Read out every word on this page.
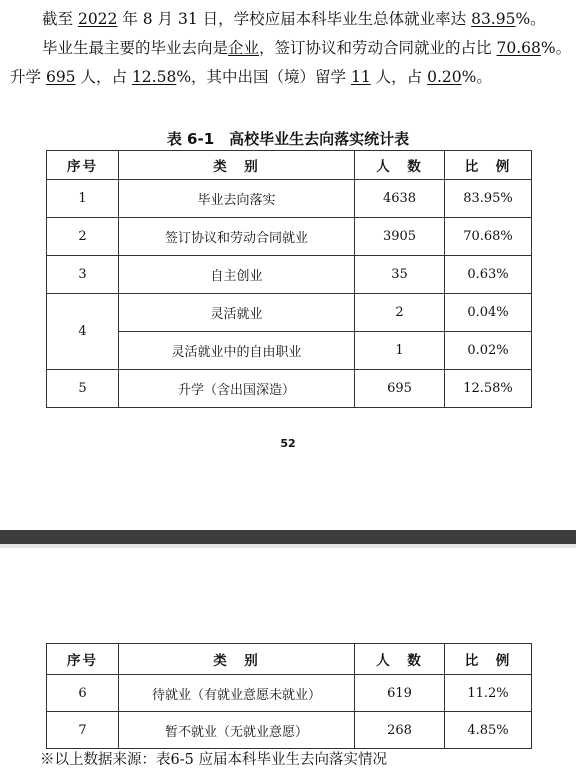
截至 2022 年 8 月 31 日，学校应届本科毕业生总体就业率达 83.95%。
毕业生最主要的毕业去向是企业，签订协议和劳动合同就业的占比 70.68%。
升学 695 人，占 12.58%，其中出国（境）留学 11 人，占 0.20%。
表 6-1　高校毕业生去向落实统计表
序号	类　别	人　数	比　例
1	毕业去向落实	4638	83.95%
2	签订协议和劳动合同就业	3905	70.68%
3	自主创业	35	0.63%
4	灵活就业	2	0.04%
	灵活就业中的自由职业	1	0.02%
5	升学（含出国深造）	695	12.58%
52
序号	类　别	人　数	比　例
6	待就业（有就业意愿未就业）	619	11.2%
7	暂不就业（无就业意愿）	268	4.85%
※以上数据来源：表6-5 应届本科毕业生去向落实情况
